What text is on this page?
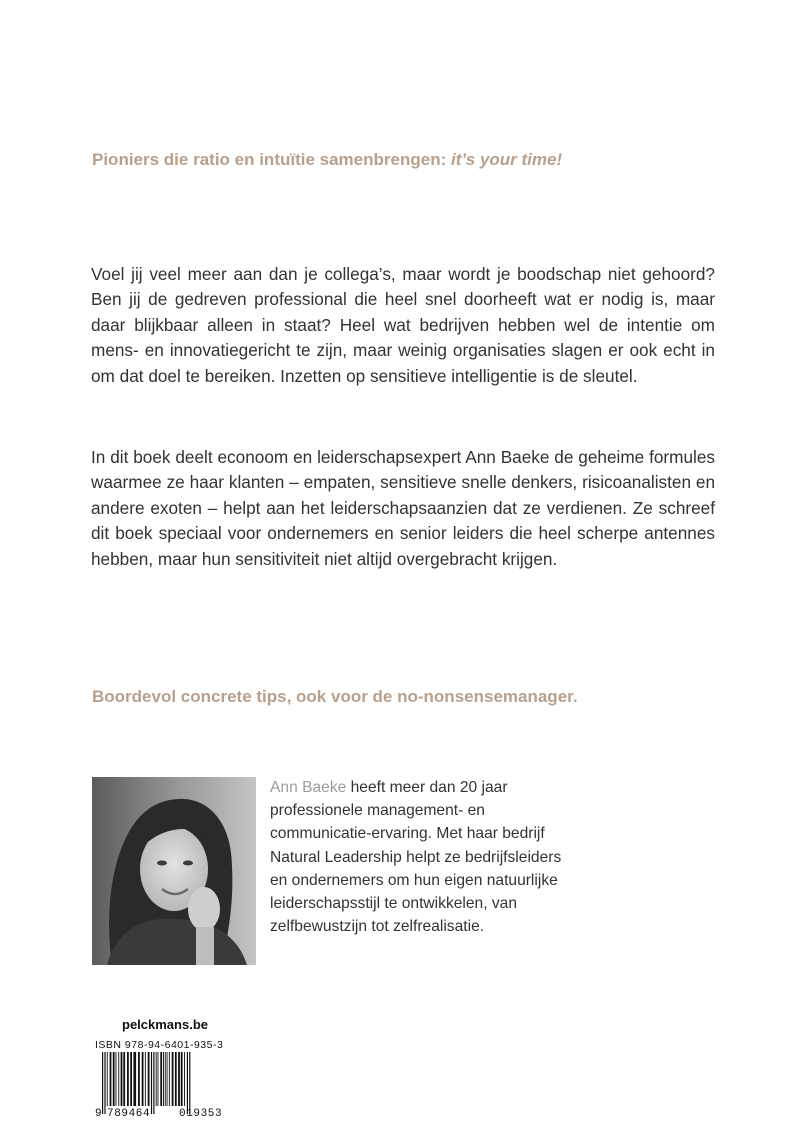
Pioniers die ratio en intuïtie samenbrengen: it’s your time!

Voel jij veel meer aan dan je collega’s, maar wordt je boodschap niet gehoord? Ben jij de gedreven professional die heel snel doorheeft wat er nodig is, maar daar blijkbaar alleen in staat? Heel wat bedrijven hebben wel de intentie om mens- en innovatiegericht te zijn, maar weinig organisaties slagen er ook echt in om dat doel te bereiken. Inzetten op sensitieve intelligentie is de sleutel.

In dit boek deelt econoom en leiderschapsexpert Ann Baeke de geheime formules waarmee ze haar klanten – empaten, sensitieve snelle denkers, risicoanalisten en andere exoten – helpt aan het leiderschapsaanzien dat ze verdienen. Ze schreef dit boek speciaal voor ondernemers en senior leiders die heel scherpe antennes hebben, maar hun sensitiviteit niet altijd overgebracht krijgen.

Boordevol concrete tips, ook voor de no-nonsensemanager.

Ann Baeke heeft meer dan 20 jaar professionele management- en communicatie-ervaring. Met haar bedrijf Natural Leadership helpt ze bedrijfsleiders en ondernemers om hun eigen natuurlijke leiderschapsstijl te ontwikkelen, van zelfbewustzijn tot zelfrealisatie.

pelckmans.be
ISBN 978-94-6401-935-3
9 789464	019353
